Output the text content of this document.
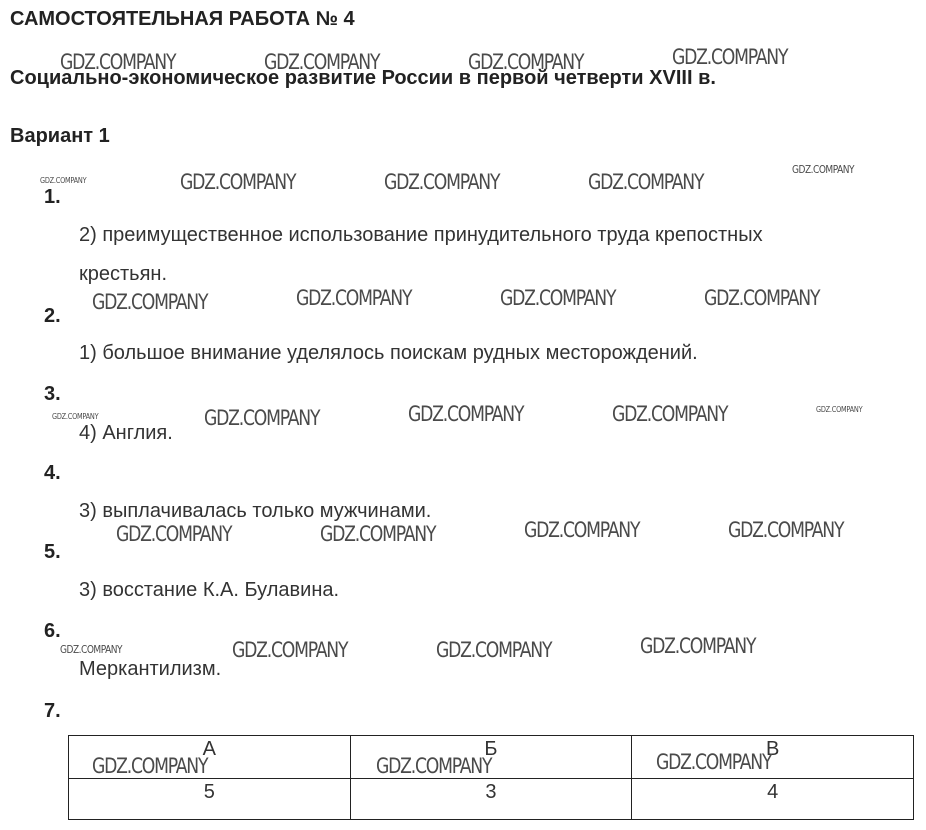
САМОСТОЯТЕЛЬНАЯ РАБОТА № 4
Социально-экономическое развитие России в первой четверти XVIII в.
Вариант 1
1.
2) преимущественное использование принудительного труда крепостных
крестьян.
2.
1) большое внимание уделялось поискам рудных месторождений.
3.
4) Англия.
4.
3) выплачивалась только мужчинами.
5.
3) восстание К.А. Булавина.
6.
Меркантилизм.
7.
А	Б	В
5	3	4
GDZ.COMPANY	GDZ.COMPANY	GDZ.COMPANY	GDZ.COMPANY
GDZ.COMPANY	GDZ.COMPANY	GDZ.COMPANY	GDZ.COMPANY
GDZ.COMPANY
GDZ.COMPANY	GDZ.COMPANY	GDZ.COMPANY	GDZ.COMPANY
GDZ.COMPANY	GDZ.COMPANY	GDZ.COMPANY	GDZ.COMPANY	GDZ.COMPANY
GDZ.COMPANY	GDZ.COMPANY	GDZ.COMPANY	GDZ.COMPANY
GDZ.COMPANY	GDZ.COMPANY	GDZ.COMPANY	GDZ.COMPANY
GDZ.COMPANY	GDZ.COMPANY	GDZ.COMPANY
